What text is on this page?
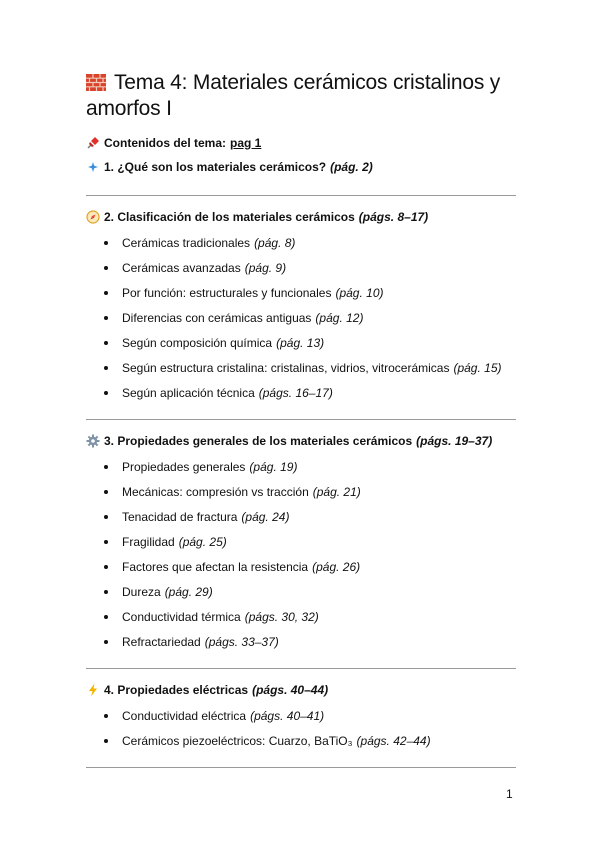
Tema 4: Materiales cerámicos cristalinos y amorfos I
Contenidos del tema: pag 1
1. ¿Qué son los materiales cerámicos? (pág. 2)
2. Clasificación de los materiales cerámicos (págs. 8–17)
Cerámicas tradicionales (pág. 8)
Cerámicas avanzadas (pág. 9)
Por función: estructurales y funcionales (pág. 10)
Diferencias con cerámicas antiguas (pág. 12)
Según composición química (pág. 13)
Según estructura cristalina: cristalinas, vidrios, vitrocerámicas (pág. 15)
Según aplicación técnica (págs. 16–17)
3. Propiedades generales de los materiales cerámicos (págs. 19–37)
Propiedades generales (pág. 19)
Mecánicas: compresión vs tracción (pág. 21)
Tenacidad de fractura (pág. 24)
Fragilidad (pág. 25)
Factores que afectan la resistencia (pág. 26)
Dureza (pág. 29)
Conductividad térmica (págs. 30, 32)
Refractariedad (págs. 33–37)
4. Propiedades eléctricas (págs. 40–44)
Conductividad eléctrica (págs. 40–41)
Cerámicos piezoeléctricos: Cuarzo, BaTiO₃ (págs. 42–44)
1
